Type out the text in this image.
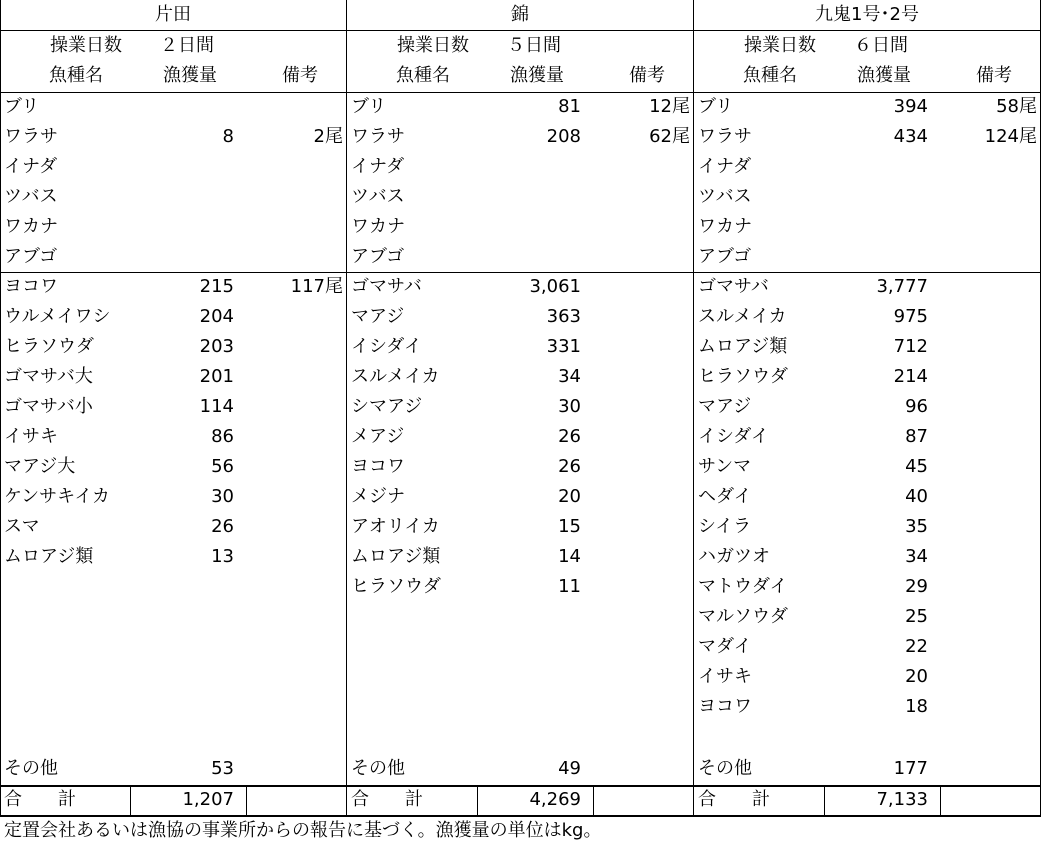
片田
操業日数 ２日間
魚種名	漁獲量	備考
ブリ
ワラサ	8	2尾
イナダ
ツバス
ワカナ
アブゴ
ヨコワ	215	117尾
ウルメイワシ	204
ヒラソウダ	203
ゴマサバ大	201
ゴマサバ小	114
イサキ	86
マアジ大	56
ケンサキイカ	30
スマ	26
ムロアジ類	13
その他	53
合　　計	1,207
錦
操業日数 ５日間
魚種名	漁獲量	備考
ブリ	81	12尾
ワラサ	208	62尾
イナダ
ツバス
ワカナ
アブゴ
ゴマサバ	3,061
マアジ	363
イシダイ	331
スルメイカ	34
シマアジ	30
メアジ	26
ヨコワ	26
メジナ	20
アオリイカ	15
ムロアジ類	14
ヒラソウダ	11
その他	49
合　　計	4,269
九鬼1号･2号
操業日数 ６日間
魚種名	漁獲量	備考
ブリ	394	58尾
ワラサ	434	124尾
イナダ
ツバス
ワカナ
アブゴ
ゴマサバ	3,777
スルメイカ	975
ムロアジ類	712
ヒラソウダ	214
マアジ	96
イシダイ	87
サンマ	45
ヘダイ	40
シイラ	35
ハガツオ	34
マトウダイ	29
マルソウダ	25
マダイ	22
イサキ	20
ヨコワ	18
その他	177
合　　計	7,133
定置会社あるいは漁協の事業所からの報告に基づく。漁獲量の単位はkg。
